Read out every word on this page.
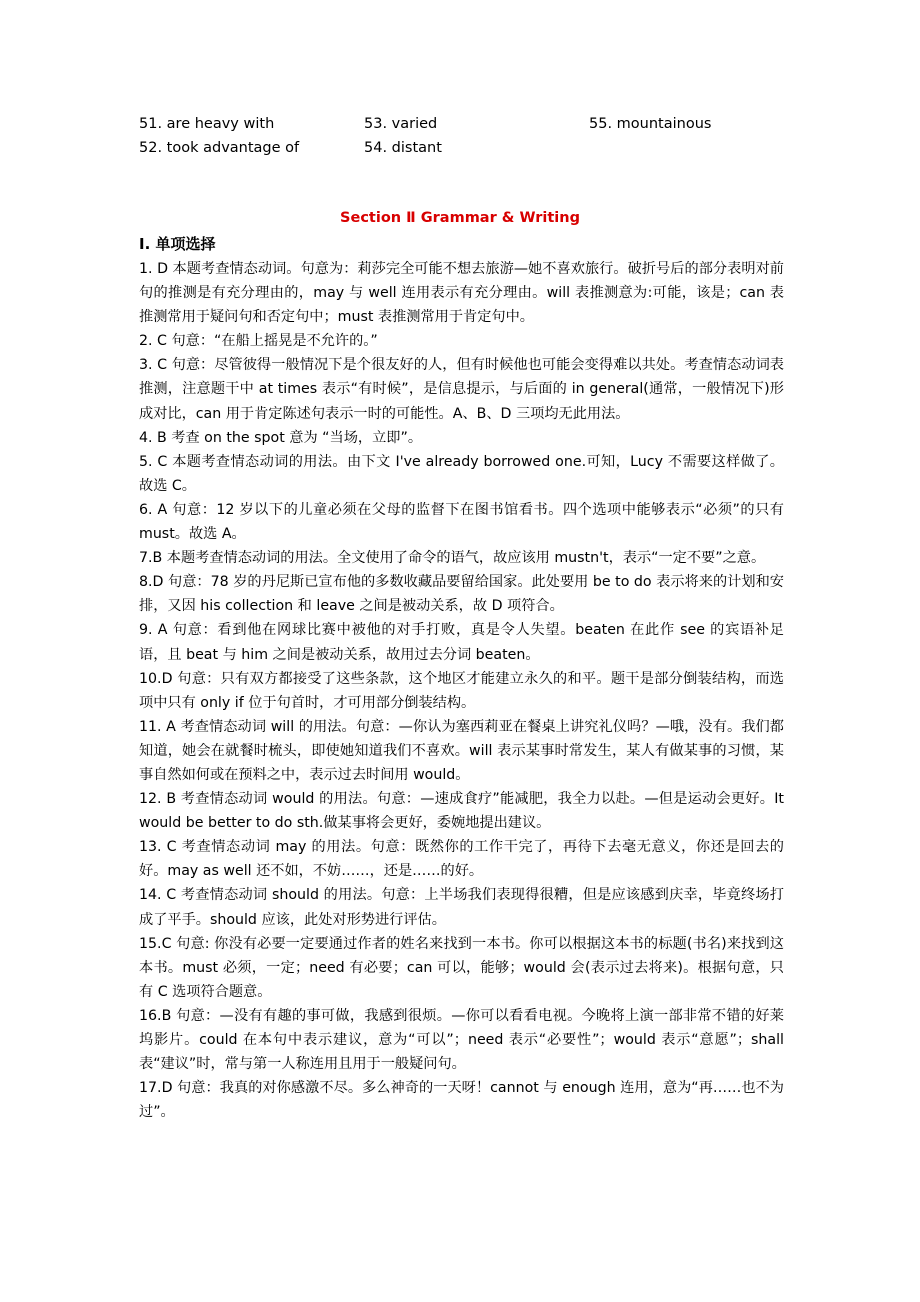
51. are heavy with	53. varied	55. mountainous
52. took advantage of	54. distant
Section Ⅱ Grammar & Writing
Ⅰ. 单项选择

1. D 本题考查情态动词。句意为：莉莎完全可能不想去旅游—她不喜欢旅行。破折号后的部分表明对前句的推测是有充分理由的，may 与 well 连用表示有充分理由。will 表推测意为:可能，该是；can 表推测常用于疑问句和否定句中；must 表推测常用于肯定句中。

2. C 句意：“在船上摇晃是不允许的。”

3. C 句意：尽管彼得一般情况下是个很友好的人，但有时候他也可能会变得难以共处。考查情态动词表推测，注意题干中 at times 表示“有时候”，是信息提示，与后面的 in general(通常，一般情况下)形成对比，can 用于肯定陈述句表示一时的可能性。A、B、D 三项均无此用法。

4. B 考查 on the spot 意为 “当场，立即”。

5. C 本题考查情态动词的用法。由下文 I've already borrowed one.可知，Lucy 不需要这样做了。故选 C。

6. A 句意：12 岁以下的儿童必须在父母的监督下在图书馆看书。四个选项中能够表示“必须”的只有 must。故选 A。

7.B 本题考查情态动词的用法。全文使用了命令的语气，故应该用 mustn't，表示“一定不要”之意。

8.D 句意：78 岁的丹尼斯已宣布他的多数收藏品要留给国家。此处要用 be to do 表示将来的计划和安排，又因 his collection 和 leave 之间是被动关系，故 D 项符合。

9. A 句意：看到他在网球比赛中被他的对手打败，真是令人失望。beaten 在此作 see 的宾语补足语，且 beat 与 him 之间是被动关系，故用过去分词 beaten。

10.D 句意：只有双方都接受了这些条款，这个地区才能建立永久的和平。题干是部分倒装结构，而选项中只有 only if 位于句首时，才可用部分倒装结构。

11. A 考查情态动词 will 的用法。句意：—你认为塞西莉亚在餐桌上讲究礼仪吗？—哦，没有。我们都知道，她会在就餐时梳头，即使她知道我们不喜欢。will 表示某事时常发生，某人有做某事的习惯，某事自然如何或在预料之中，表示过去时间用 would。

12. B 考查情态动词 would 的用法。句意：—速成食疗”能减肥，我全力以赴。—但是运动会更好。It would be better to do sth.做某事将会更好，委婉地提出建议。

13. C 考查情态动词 may 的用法。句意：既然你的工作干完了，再待下去毫无意义，你还是回去的好。may as well 还不如，不妨……，还是……的好。

14. C 考查情态动词 should 的用法。句意：上半场我们表现得很糟，但是应该感到庆幸，毕竟终场打成了平手。should 应该，此处对形势进行评估。

15.C 句意: 你没有必要一定要通过作者的姓名来找到一本书。你可以根据这本书的标题(书名)来找到这本书。must 必须，一定；need 有必要；can 可以，能够；would 会(表示过去将来)。根据句意，只有 C 选项符合题意。

16.B 句意：—没有有趣的事可做，我感到很烦。—你可以看看电视。今晚将上演一部非常不错的好莱坞影片。could 在本句中表示建议，意为“可以”；need 表示“必要性”；would 表示“意愿”；shall 表“建议”时，常与第一人称连用且用于一般疑问句。

17.D 句意：我真的对你感激不尽。多么神奇的一天呀！cannot 与 enough 连用，意为“再……也不为过”。
